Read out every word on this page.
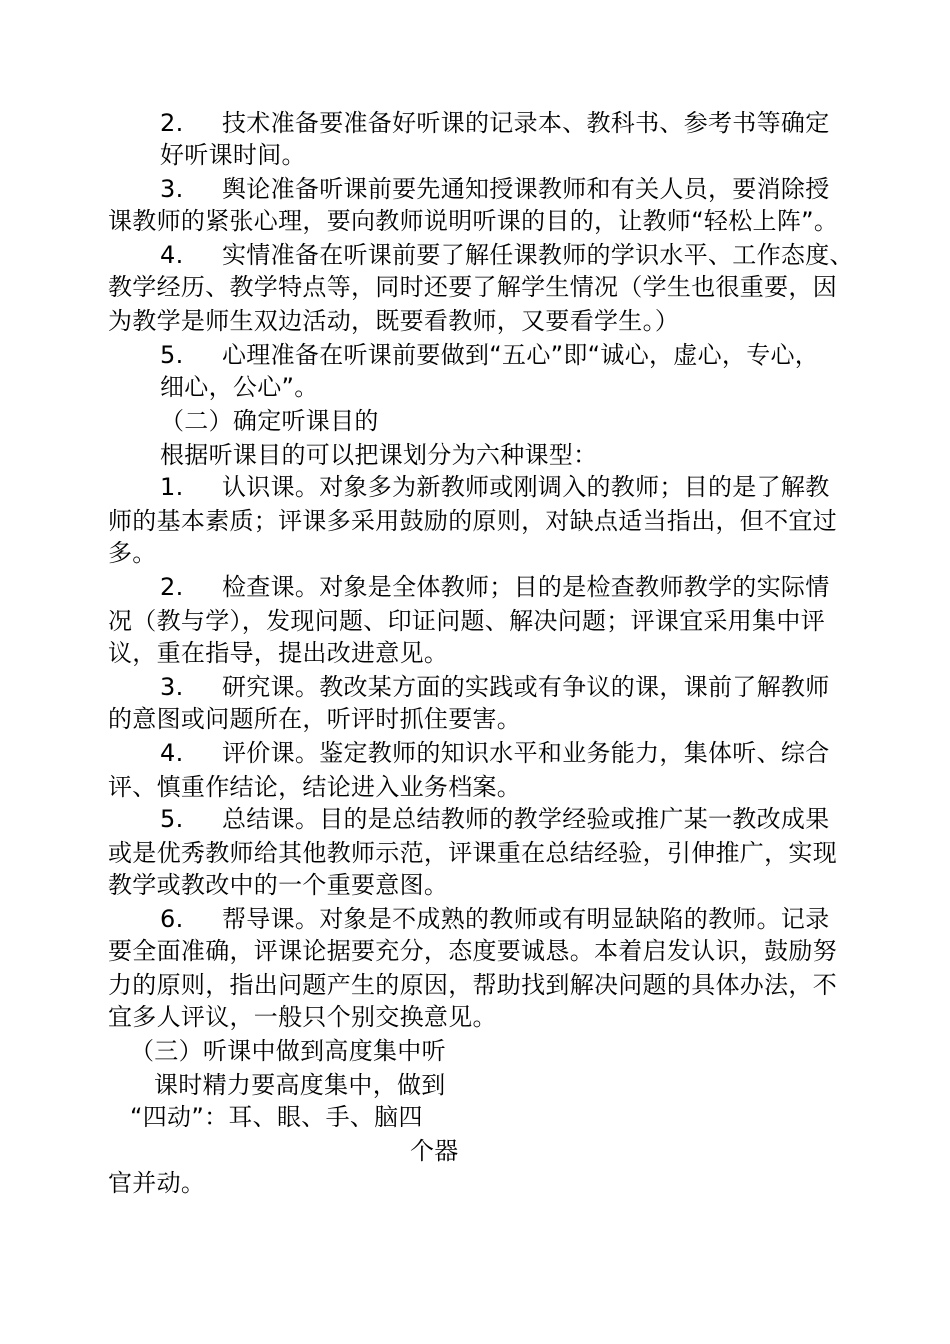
2. 技术准备要准备好听课的记录本、教科书、参考书等确定
好听课时间。
3. 舆论准备听课前要先通知授课教师和有关人员，要消除授
课教师的紧张心理，要向教师说明听课的目的，让教师“轻松上阵”。
4. 实情准备在听课前要了解任课教师的学识水平、工作态度、
教学经历、教学特点等，同时还要了解学生情况（学生也很重要，因
为教学是师生双边活动，既要看教师，又要看学生。）
5. 心理准备在听课前要做到“五心”即“诚心，虚心，专心，
细心，公心”。
（二）确定听课目的
根据听课目的可以把课划分为六种课型：
1. 认识课。对象多为新教师或刚调入的教师；目的是了解教
师的基本素质；评课多采用鼓励的原则，对缺点适当指出，但不宜过
多。
2. 检查课。对象是全体教师；目的是检查教师教学的实际情
况（教与学），发现问题、印证问题、解决问题；评课宜采用集中评
议，重在指导，提出改进意见。
3. 研究课。教改某方面的实践或有争议的课，课前了解教师
的意图或问题所在，听评时抓住要害。
4. 评价课。鉴定教师的知识水平和业务能力，集体听、综合
评、慎重作结论，结论进入业务档案。
5. 总结课。目的是总结教师的教学经验或推广某一教改成果
或是优秀教师给其他教师示范，评课重在总结经验，引伸推广，实现
教学或教改中的一个重要意图。
6. 帮导课。对象是不成熟的教师或有明显缺陷的教师。记录
要全面准确，评课论据要充分，态度要诚恳。本着启发认识，鼓励努
力的原则，指出问题产生的原因，帮助找到解决问题的具体办法，不
宜多人评议，一般只个别交换意见。
（三）听课中做到高度集中听
课时精力要高度集中，做到
“四动”：耳、眼、手、脑四
个器
官并动。
